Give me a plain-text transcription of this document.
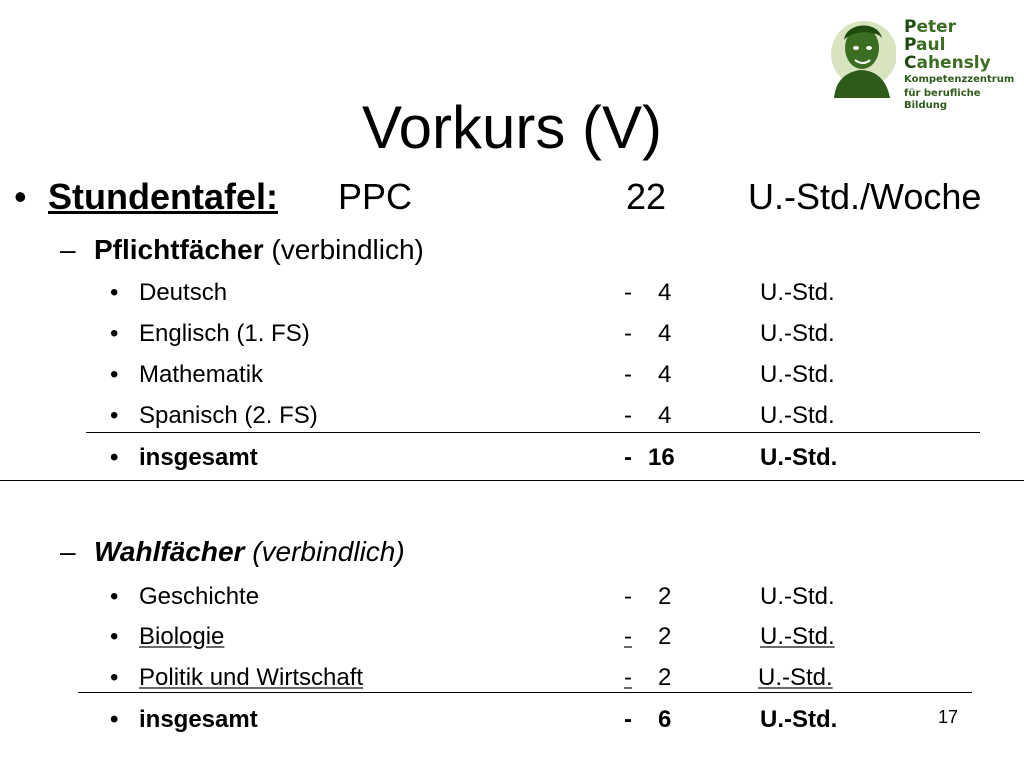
Peter
Paul
Cahensly
Kompetenzzentrum
für berufliche Bildung
Vorkurs (V)
• Stundentafel: PPC	22 U.-Std./Woche
– Pflichtfächer (verbindlich)
• Deutsch	- 4	U.-Std.
• Englisch (1. FS)	- 4	U.-Std.
• Mathematik	- 4	U.-Std.
• Spanisch (2. FS)	- 4	U.-Std.
• insgesamt	- 16	U.-Std.
– Wahlfächer (verbindlich)
• Geschichte	- 2	U.-Std.
• Biologie	- 2	U.-Std.
• Politik und Wirtschaft	- 2	U.-Std.
• insgesamt	- 6	U.-Std.	17
